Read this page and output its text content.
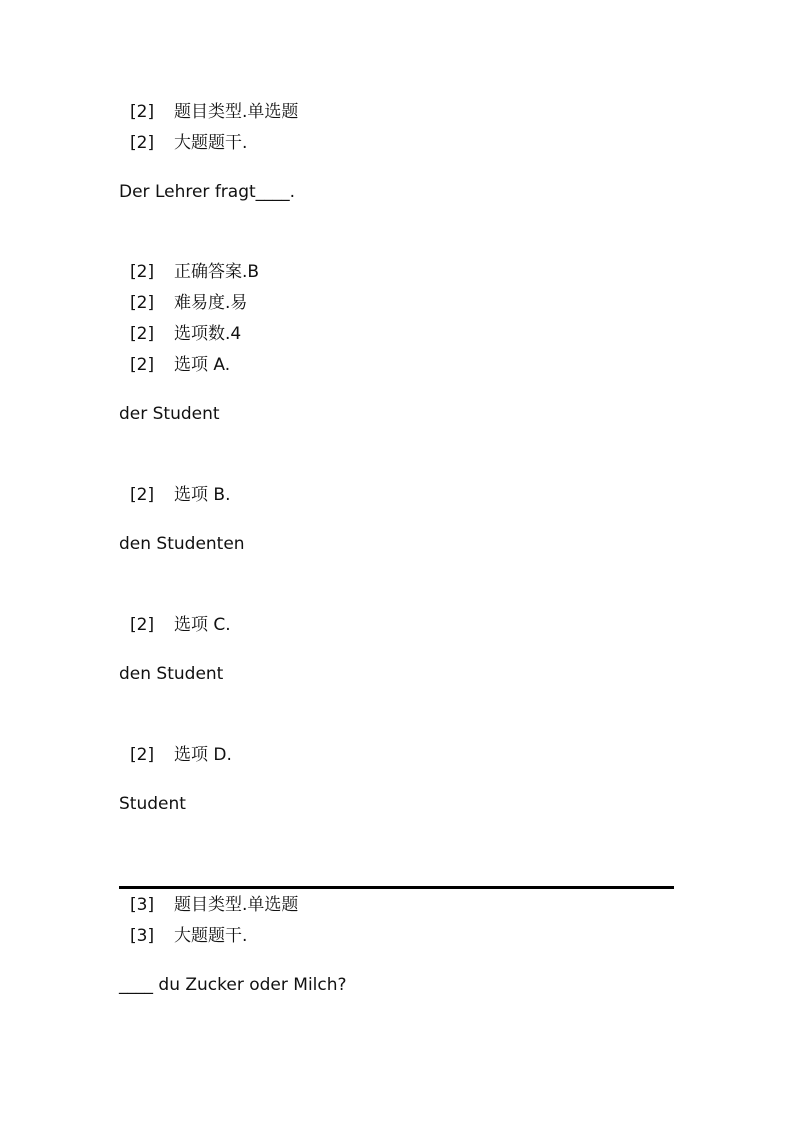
[2] 题目类型.单选题
[2] 大题题干.
Der Lehrer fragt____.
[2] 正确答案.B
[2] 难易度.易
[2] 选项数.4
[2] 选项 A.
der Student
[2] 选项 B.
den Studenten
[2] 选项 C.
den Student
[2] 选项 D.
Student
[3] 题目类型.单选题
[3] 大题题干.
____ du Zucker oder Milch?
